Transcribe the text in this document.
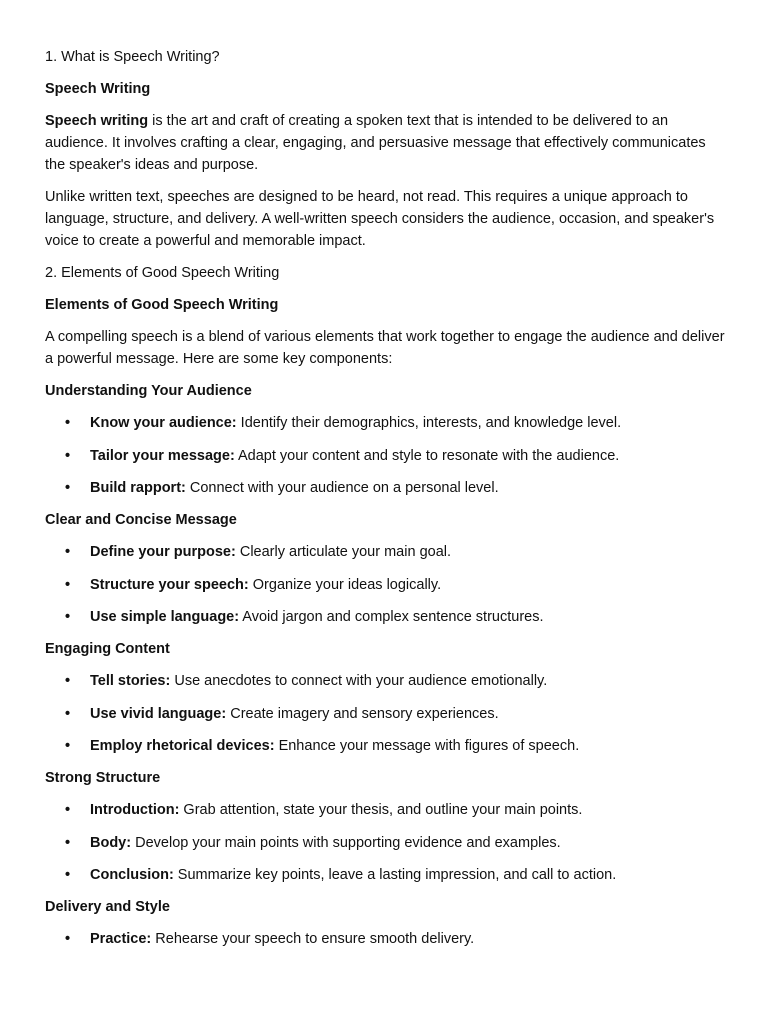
1. What is Speech Writing?

Speech Writing

Speech writing is the art and craft of creating a spoken text that is intended to be delivered to an audience. It involves crafting a clear, engaging, and persuasive message that effectively communicates the speaker's ideas and purpose.

Unlike written text, speeches are designed to be heard, not read. This requires a unique approach to language, structure, and delivery. A well-written speech considers the audience, occasion, and speaker's voice to create a powerful and memorable impact.

2. Elements of Good Speech Writing

Elements of Good Speech Writing

A compelling speech is a blend of various elements that work together to engage the audience and deliver a powerful message. Here are some key components:

Understanding Your Audience

• Know your audience: Identify their demographics, interests, and knowledge level.
• Tailor your message: Adapt your content and style to resonate with the audience.
• Build rapport: Connect with your audience on a personal level.

Clear and Concise Message

• Define your purpose: Clearly articulate your main goal.
• Structure your speech: Organize your ideas logically.
• Use simple language: Avoid jargon and complex sentence structures.

Engaging Content

• Tell stories: Use anecdotes to connect with your audience emotionally.
• Use vivid language: Create imagery and sensory experiences.
• Employ rhetorical devices: Enhance your message with figures of speech.

Strong Structure

• Introduction: Grab attention, state your thesis, and outline your main points.
• Body: Develop your main points with supporting evidence and examples.
• Conclusion: Summarize key points, leave a lasting impression, and call to action.

Delivery and Style

• Practice: Rehearse your speech to ensure smooth delivery.
